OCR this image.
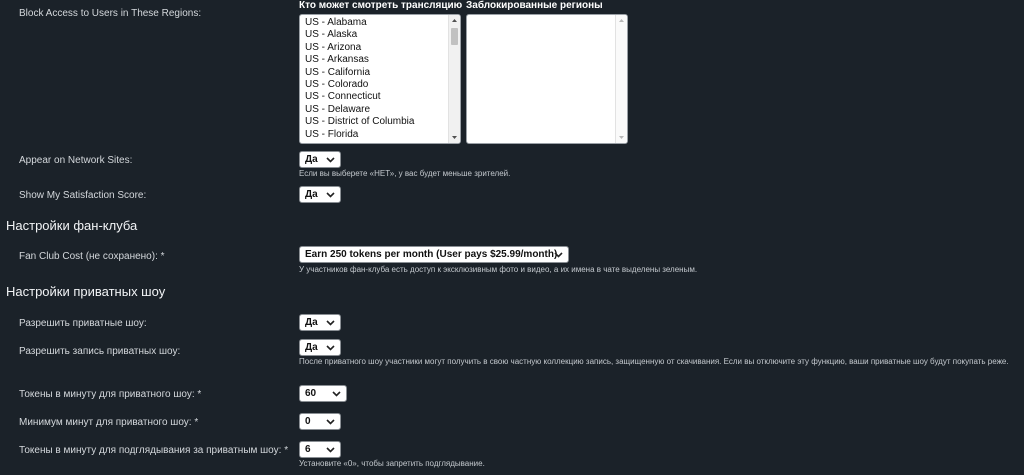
Block Access to Users in These Regions:
Кто может смотреть трансляцию Заблокированные регионы
US - Alabama
US - Alaska
US - Arizona
US - Arkansas
US - California
US - Colorado
US - Connecticut
US - Delaware
US - District of Columbia
US - Florida
Appear on Network Sites:	Да
Если вы выберете «НЕТ», у вас будет меньше зрителей.
Show My Satisfaction Score:	Да
Настройки фан-клуба
Fan Club Cost (не сохранено): *	Earn 250 tokens per month (User pays $25.99/month)
У участников фан-клуба есть доступ к эксклюзивным фото и видео, а их имена в чате выделены зеленым.
Настройки приватных шоу
Разрешить приватные шоу:	Да
Разрешить запись приватных шоу:	Да
После приватного шоу участники могут получить в свою частную коллекцию запись, защищенную от скачивания. Если вы отключите эту функцию, ваши приватные шоу будут покупать реже.
Токены в минуту для приватного шоу: *	60
Минимум минут для приватного шоу: *	0
Токены в минуту для подглядывания за приватным шоу: * 6
Установите «0», чтобы запретить подглядывание.
